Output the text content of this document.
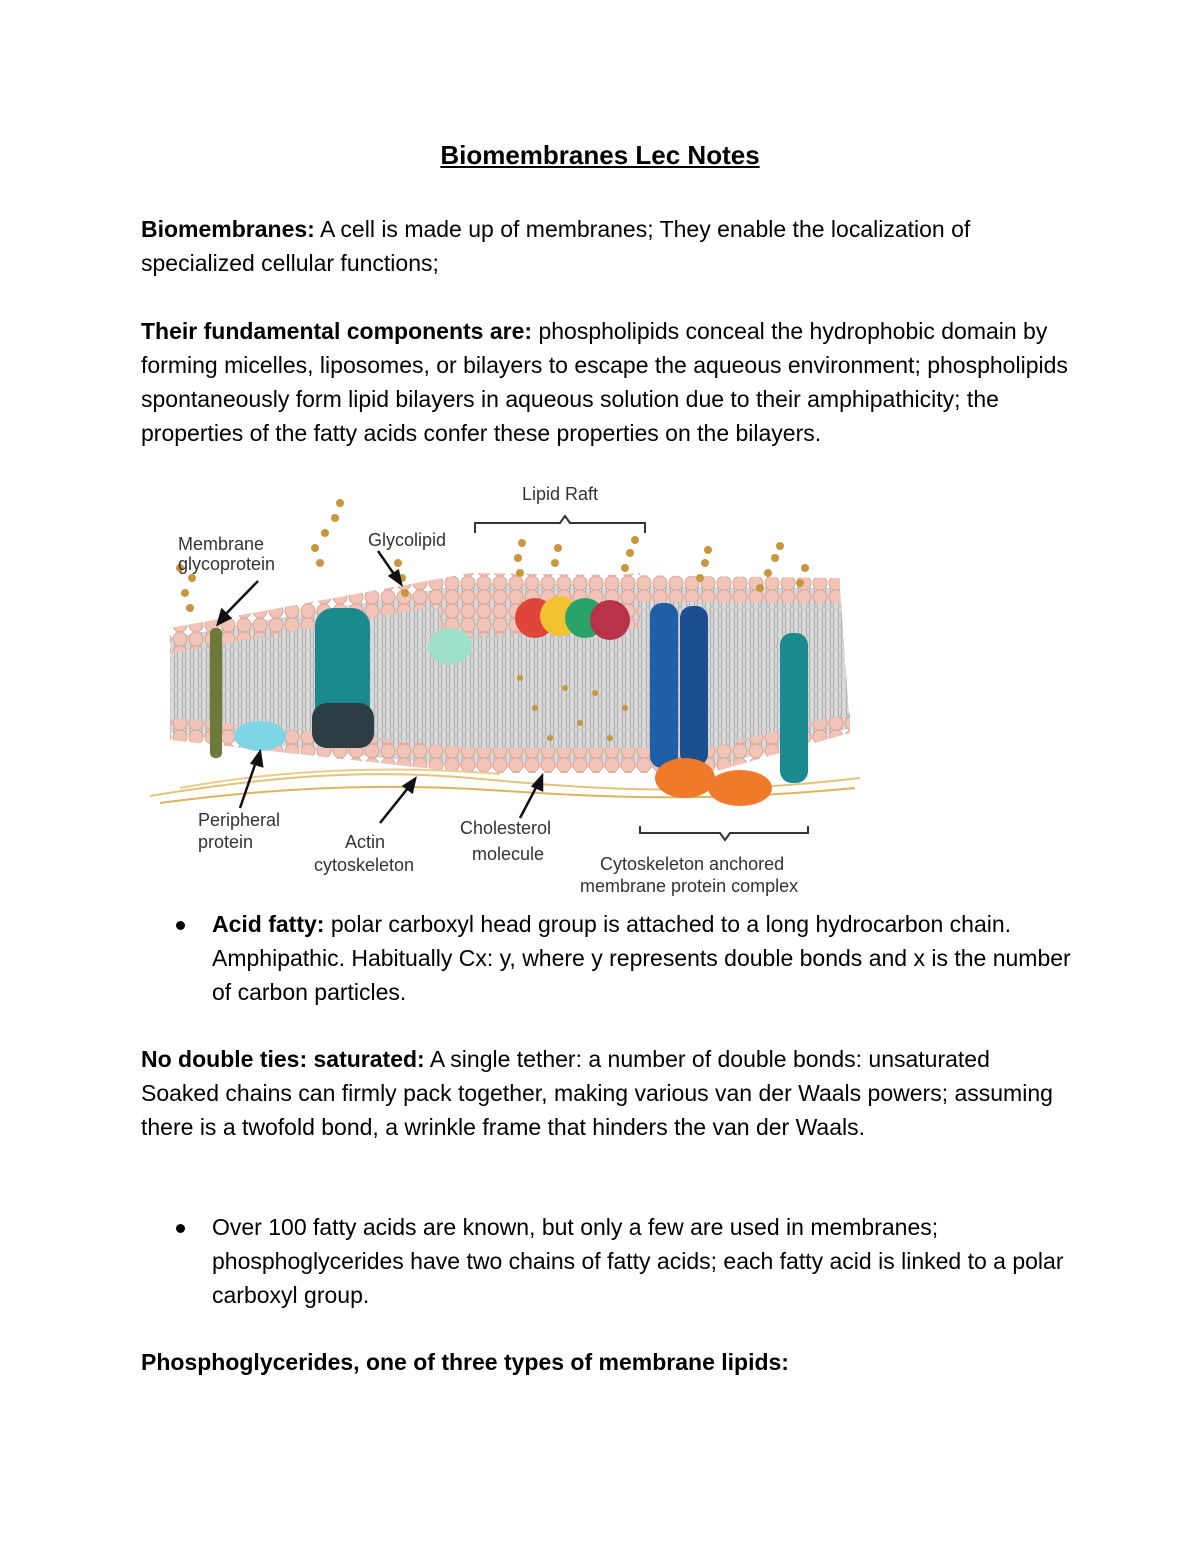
Biomembranes Lec Notes
Biomembranes: A cell is made up of membranes; They enable the localization of specialized cellular functions;
Their fundamental components are: phospholipids conceal the hydrophobic domain by forming micelles, liposomes, or bilayers to escape the aqueous environment; phospholipids spontaneously form lipid bilayers in aqueous solution due to their amphipathicity; the properties of the fatty acids confer these properties on the bilayers.
Lipid Raft
Membrane
glycoprotein
Glycolipid
Peripheral
protein	Actin
cytoskeleton
Cholesterol
molecule	Cytoskeleton anchored
membrane protein complex
Acid fatty: polar carboxyl head group is attached to a long hydrocarbon chain. Amphipathic. Habitually Cx: y, where y represents double bonds and x is the number of carbon particles.
No double ties: saturated: A single tether: a number of double bonds: unsaturated Soaked chains can firmly pack together, making various van der Waals powers; assuming there is a twofold bond, a wrinkle frame that hinders the van der Waals.
Over 100 fatty acids are known, but only a few are used in membranes; phosphoglycerides have two chains of fatty acids; each fatty acid is linked to a polar carboxyl group.
Phosphoglycerides, one of three types of membrane lipids:
